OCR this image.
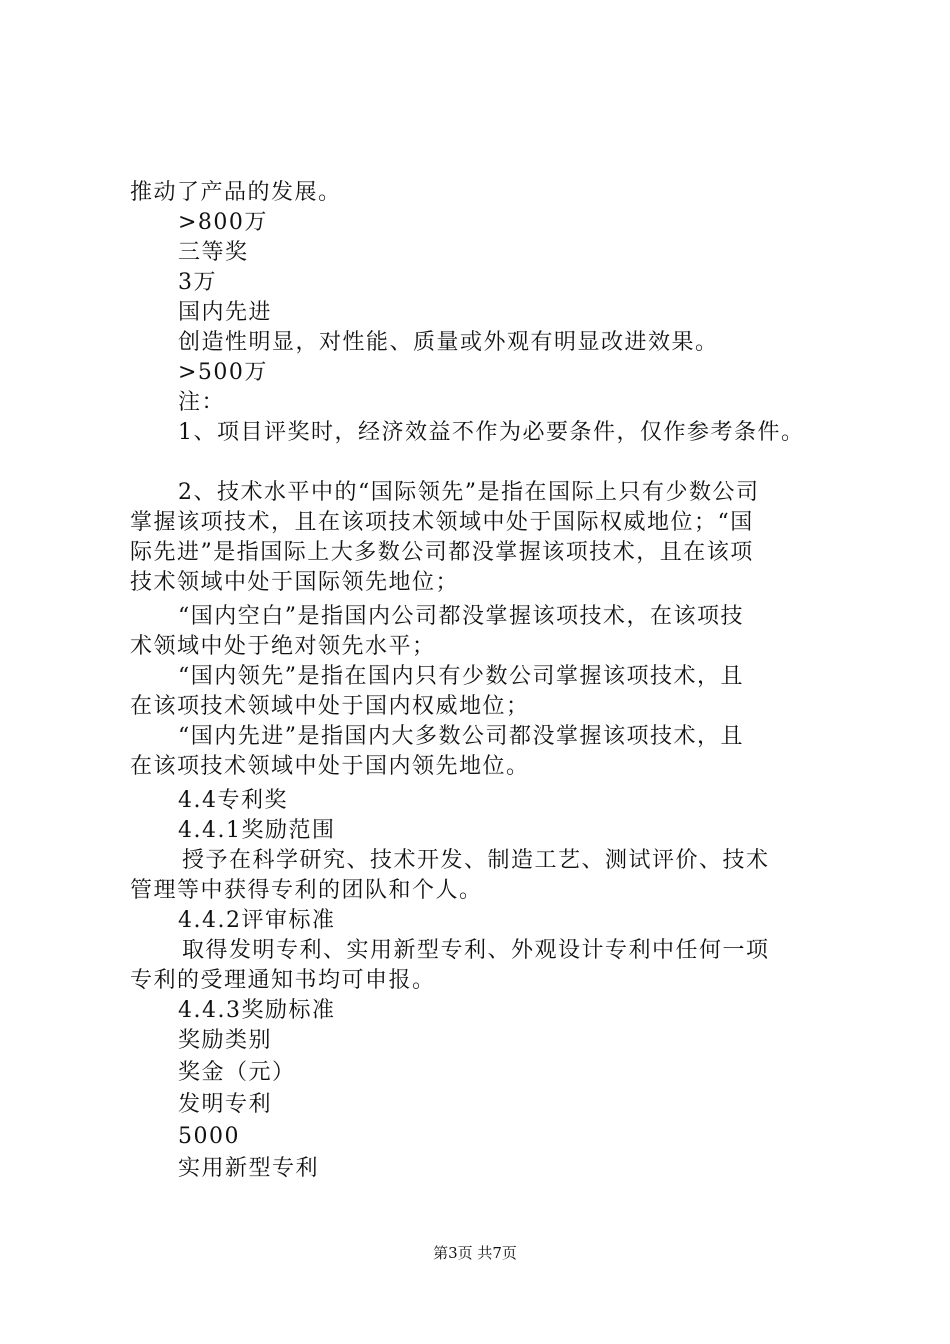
推动了产品的发展。
>800万
三等奖
3万
国内先进
创造性明显，对性能、质量或外观有明显改进效果。
>500万
注：
1、项目评奖时，经济效益不作为必要条件，仅作参考条件。
2、技术水平中的“国际领先”是指在国际上只有少数公司
掌握该项技术，且在该项技术领域中处于国际权威地位；“国
际先进”是指国际上大多数公司都没掌握该项技术，且在该项
技术领域中处于国际领先地位；
“国内空白”是指国内公司都没掌握该项技术，在该项技
术领域中处于绝对领先水平；
“国内领先”是指在国内只有少数公司掌握该项技术，且
在该项技术领域中处于国内权威地位；
“国内先进”是指国内大多数公司都没掌握该项技术，且
在该项技术领域中处于国内领先地位。
4.4专利奖
4.4.1奖励范围
授予在科学研究、技术开发、制造工艺、测试评价、技术
管理等中获得专利的团队和个人。
4.4.2评审标准
取得发明专利、实用新型专利、外观设计专利中任何一项
专利的受理通知书均可申报。
4.4.3奖励标准
奖励类别
奖金（元）
发明专利
5000
实用新型专利
第3页 共7页
